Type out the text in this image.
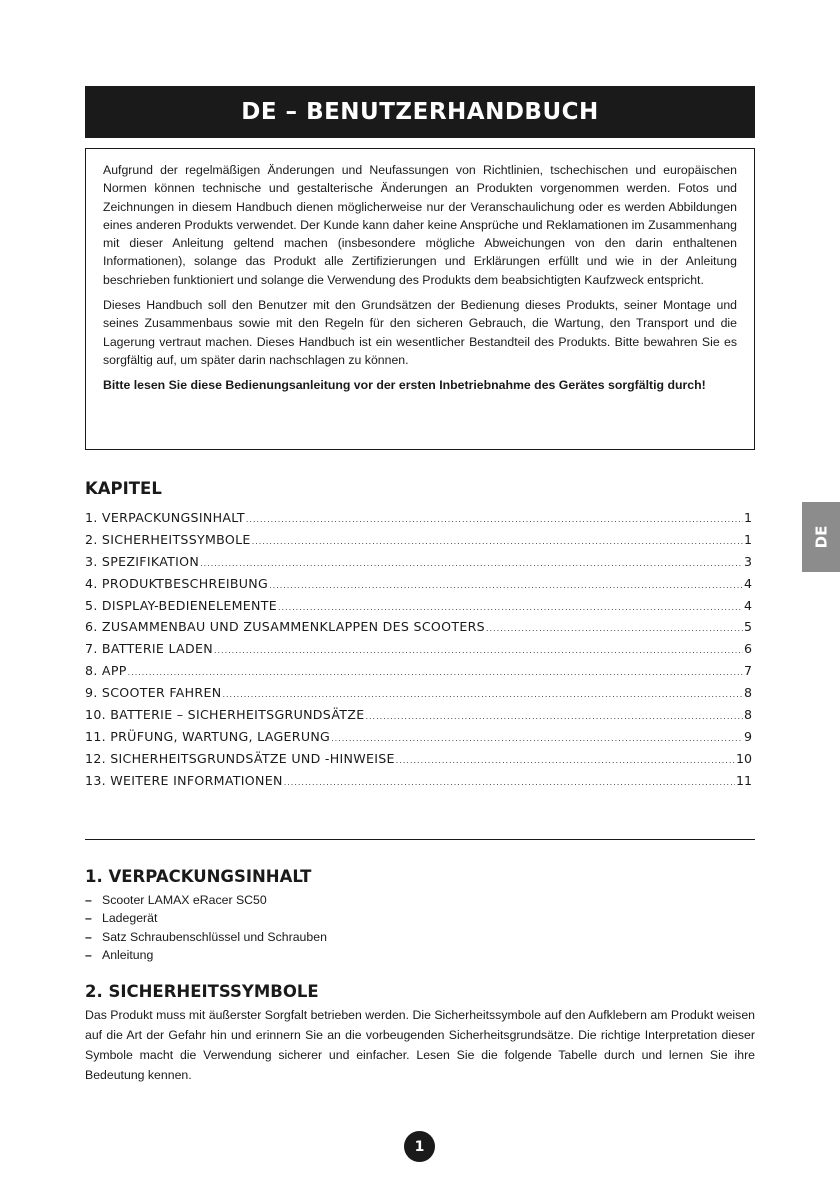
DE – BENUTZERHANDBUCH

Aufgrund der regelmäßigen Änderungen und Neufassungen von Richtlinien, tschechischen und europäischen Normen können technische und gestalterische Änderungen an Produkten vorgenommen werden. Fotos und Zeichnungen in diesem Handbuch dienen möglicherweise nur der Veranschaulichung oder es werden Abbildungen eines anderen Produkts verwendet. Der Kunde kann daher keine Ansprüche und Reklamationen im Zusammenhang mit dieser Anleitung geltend machen (insbesondere mögliche Abweichungen von den darin enthaltenen Informationen), solange das Produkt alle Zertifizierungen und Erklärungen erfüllt und wie in der Anleitung beschrieben funktioniert und solange die Verwendung des Produkts dem beabsichtigten Kaufzweck entspricht.

Dieses Handbuch soll den Benutzer mit den Grundsätzen der Bedienung dieses Produkts, seiner Montage und seines Zusammenbaus sowie mit den Regeln für den sicheren Gebrauch, die Wartung, den Transport und die Lagerung vertraut machen. Dieses Handbuch ist ein wesentlicher Bestandteil des Produkts. Bitte bewahren Sie es sorgfältig auf, um später darin nachschlagen zu können.

Bitte lesen Sie diese Bedienungsanleitung vor der ersten Inbetriebnahme des Gerätes sorgfältig durch!

DE
KAPITEL
1. VERPACKUNGSINHALT .....	1
2. SICHERHEITSSYMBOLE .....	1
3. SPEZIFIKATION .....	3
4. PRODUKTBESCHREIBUNG .....	4
5. DISPLAY-BEDIENELEMENTE .....	4
6. ZUSAMMENBAU UND ZUSAMMENKLAPPEN DES SCOOTERS .....	5
7. BATTERIE LADEN .....	6
8. APP .....	7
9. SCOOTER FAHREN .....	8
10. BATTERIE – SICHERHEITSGRUNDSÄTZE .....	8
11. PRÜFUNG, WARTUNG, LAGERUNG .....	9
12. SICHERHEITSGRUNDSÄTZE UND -HINWEISE .....	10
13. WEITERE INFORMATIONEN .....	11
1. VERPACKUNGSINHALT
– Scooter LAMAX eRacer SC50
– Ladegerät
– Satz Schraubenschlüssel und Schrauben
– Anleitung
2. SICHERHEITSSYMBOLE

Das Produkt muss mit äußerster Sorgfalt betrieben werden. Die Sicherheitssymbole auf den Aufklebern am Produkt weisen auf die Art der Gefahr hin und erinnern Sie an die vorbeugenden Sicherheitsgrundsätze. Die richtige Interpretation dieser Symbole macht die Verwendung sicherer und einfacher. Lesen Sie die folgende Tabelle durch und lernen Sie ihre Bedeutung kennen.

1
